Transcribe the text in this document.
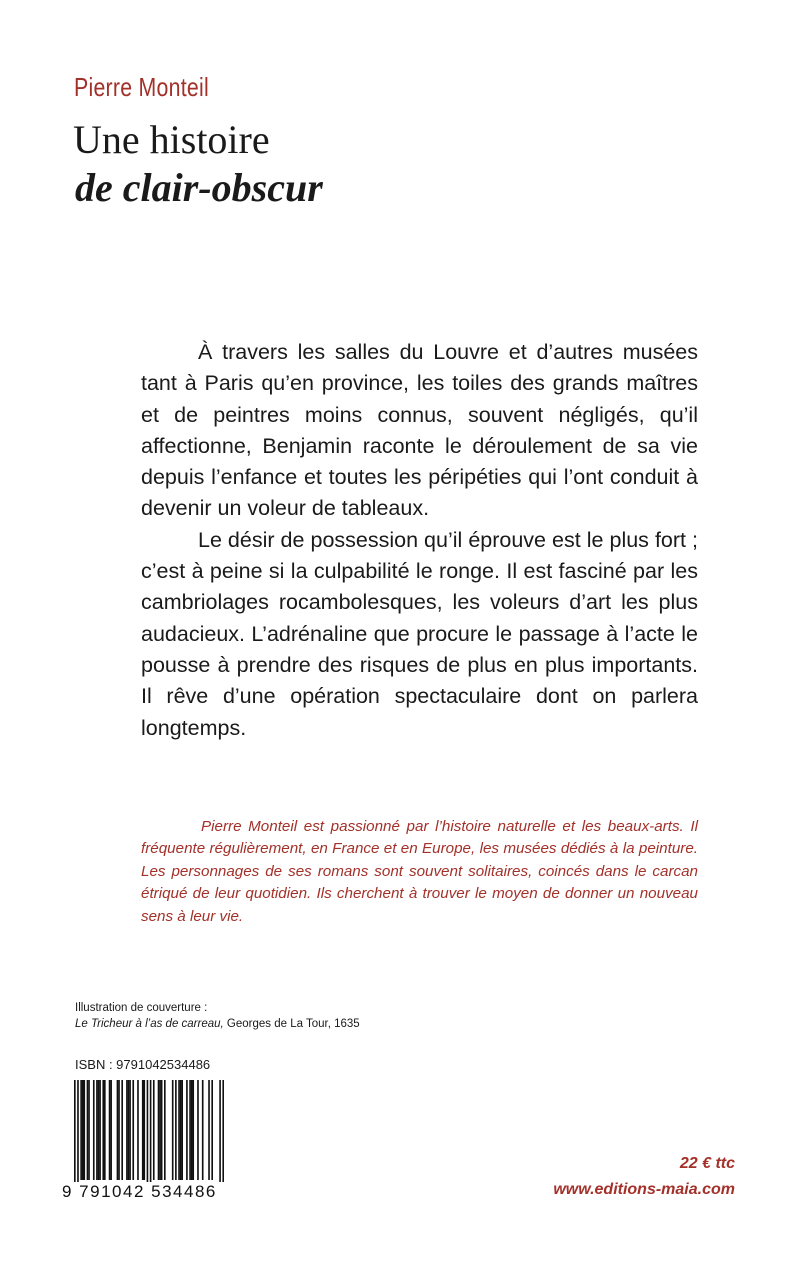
Pierre Monteil
Une histoire
de clair-obscur

À travers les salles du Louvre et d’autres musées tant à Paris qu’en province, les toiles des grands maîtres et de peintres moins connus, souvent négligés, qu’il affectionne, Benjamin raconte le déroulement de sa vie depuis l’enfance et toutes les péripéties qui l’ont conduit à devenir un voleur de tableaux.

Le désir de possession qu’il éprouve est le plus fort ; c’est à peine si la culpabilité le ronge. Il est fasciné par les cambriolages rocambolesques, les voleurs d’art les plus audacieux. L’adrénaline que procure le passage à l’acte le pousse à prendre des risques de plus en plus importants. Il rêve d’une opération spectaculaire dont on parlera longtemps.

Pierre Monteil est passionné par l’histoire naturelle et les beaux-arts. Il fréquente régulièrement, en France et en Europe, les musées dédiés à la peinture. Les personnages de ses romans sont souvent solitaires, coincés dans le carcan étriqué de leur quotidien. Ils cherchent à trouver le moyen de donner un nouveau sens à leur vie.

Illustration de couverture :
Le Tricheur à l’as de carreau, Georges de La Tour, 1635
ISBN : 9791042534486
9 791042 534486
22 € ttc
www.editions-maia.com
